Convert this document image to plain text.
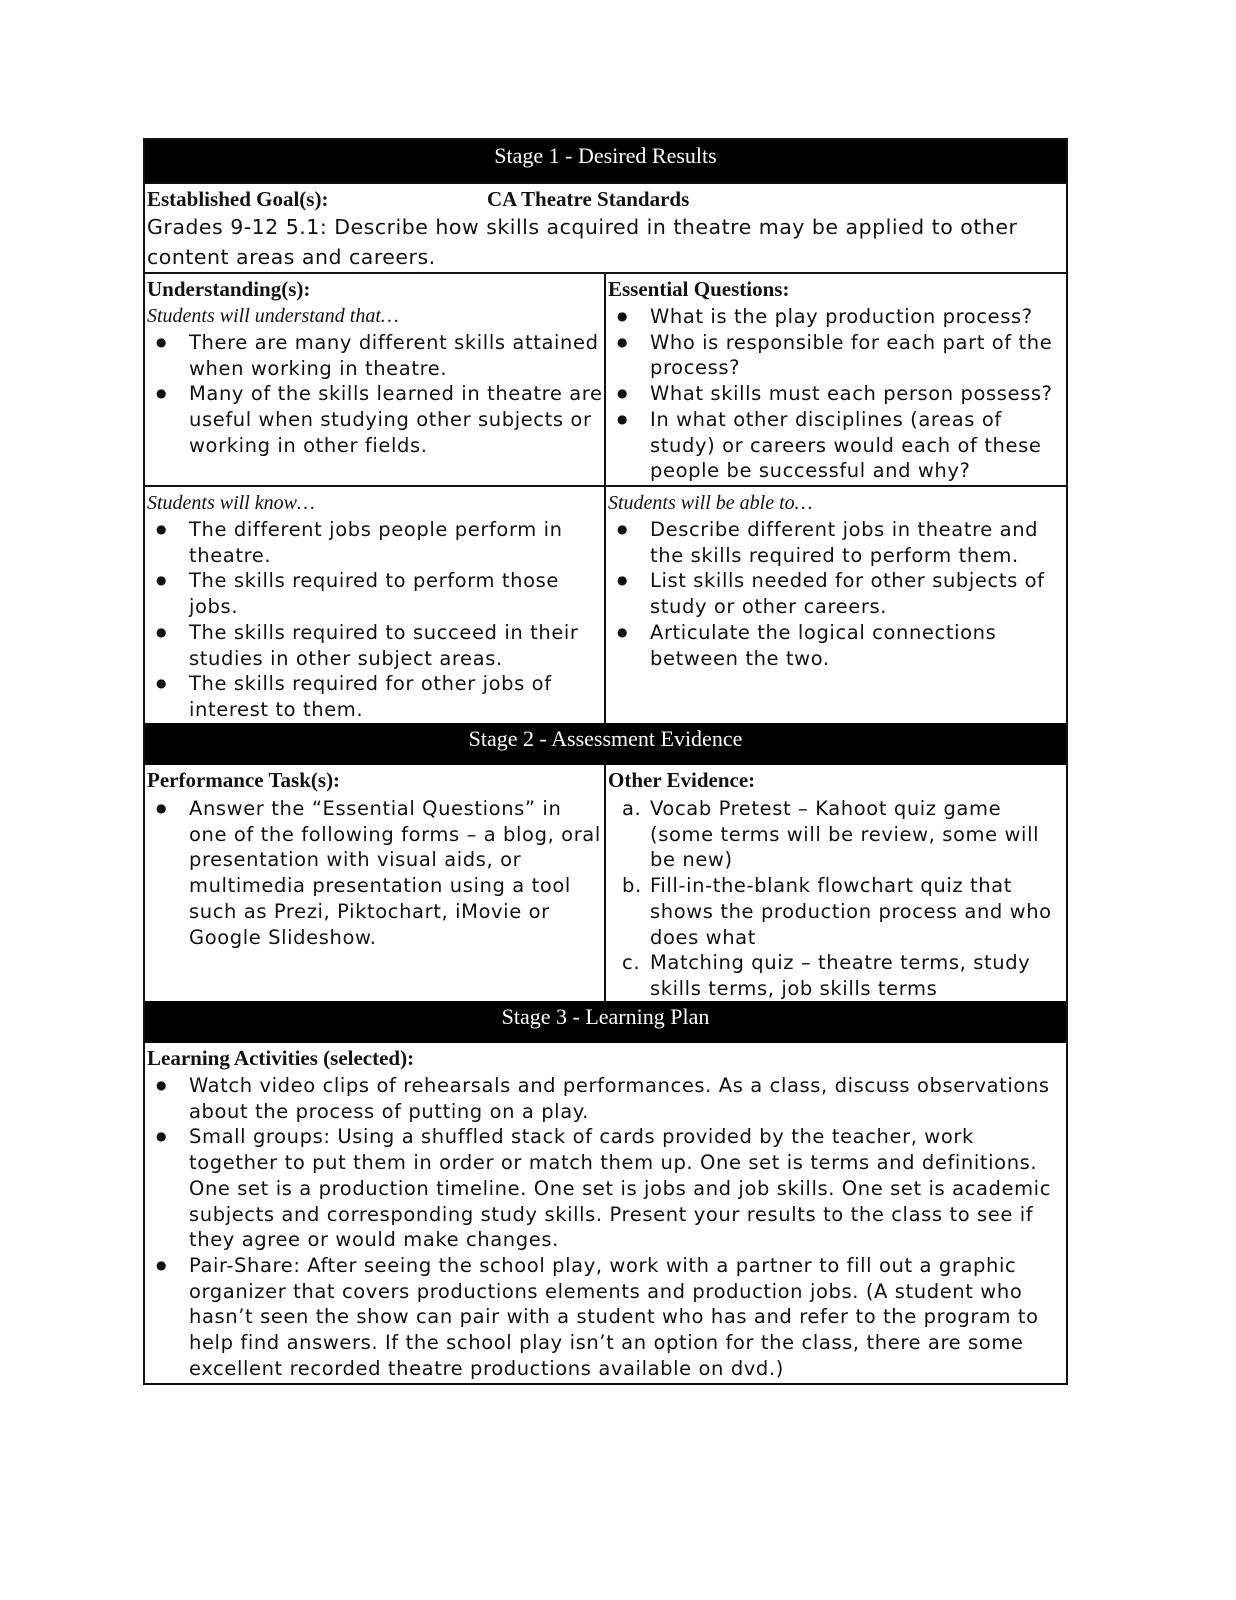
Stage 1 - Desired Results
Established Goal(s):	CA Theatre Standards
Grades 9-12 5.1: Describe how skills acquired in theatre may be applied to other content areas and careers.
Understanding(s):
Students will understand that…
● There are many different skills attained when working in theatre.
● Many of the skills learned in theatre are useful when studying other subjects or working in other fields.
Essential Questions:
● What is the play production process?
● Who is responsible for each part of the process?
● What skills must each person possess?
● In what other disciplines (areas of study) or careers would each of these people be successful and why?
Students will know…
● The different jobs people perform in theatre.
● The skills required to perform those jobs.
● The skills required to succeed in their studies in other subject areas.
● The skills required for other jobs of interest to them.
Students will be able to…
● Describe different jobs in theatre and the skills required to perform them.
● List skills needed for other subjects of study or other careers.
● Articulate the logical connections between the two.
Stage 2 - Assessment Evidence
Performance Task(s):
● Answer the “Essential Questions” in one of the following forms – a blog, oral presentation with visual aids, or multimedia presentation using a tool such as Prezi, Piktochart, iMovie or Google Slideshow.
Other Evidence:
a. Vocab Pretest – Kahoot quiz game (some terms will be review, some will be new)
b. Fill-in-the-blank flowchart quiz that shows the production process and who does what
c. Matching quiz – theatre terms, study skills terms, job skills terms
Stage 3 - Learning Plan
Learning Activities (selected):
● Watch video clips of rehearsals and performances. As a class, discuss observations about the process of putting on a play.
● Small groups: Using a shuffled stack of cards provided by the teacher, work together to put them in order or match them up. One set is terms and definitions. One set is a production timeline. One set is jobs and job skills. One set is academic subjects and corresponding study skills. Present your results to the class to see if they agree or would make changes.
● Pair-Share: After seeing the school play, work with a partner to fill out a graphic organizer that covers productions elements and production jobs. (A student who hasn’t seen the show can pair with a student who has and refer to the program to help find answers. If the school play isn’t an option for the class, there are some excellent recorded theatre productions available on dvd.)
